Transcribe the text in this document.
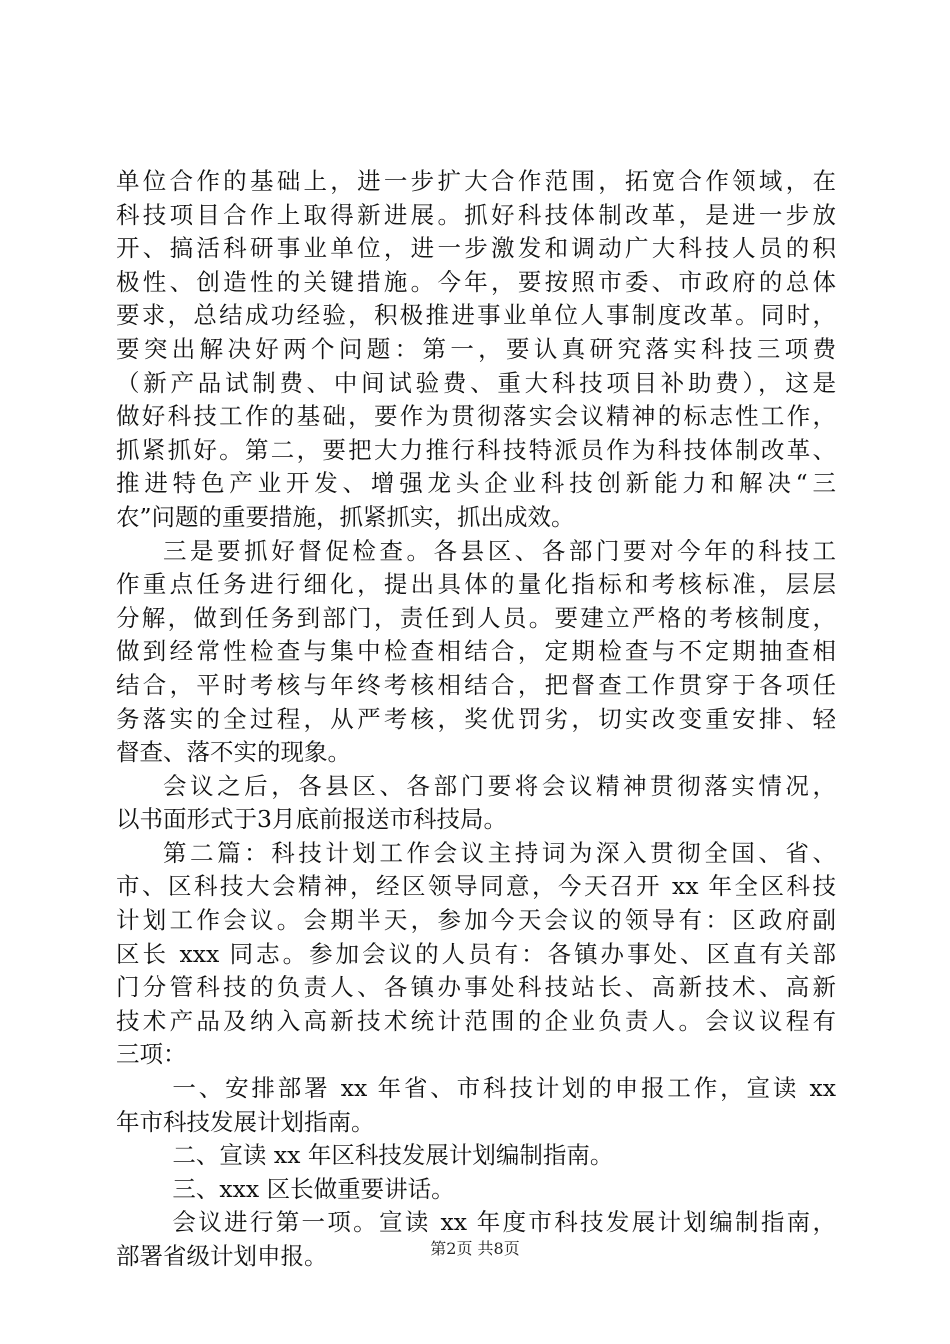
单位合作的基础上，进一步扩大合作范围，拓宽合作领域，在
科技项目合作上取得新进展。抓好科技体制改革，是进一步放
开、搞活科研事业单位，进一步激发和调动广大科技人员的积
极性、创造性的关键措施。今年，要按照市委、市政府的总体
要求，总结成功经验，积极推进事业单位人事制度改革。同时，
要突出解决好两个问题：第一，要认真研究落实科技三项费
（新产品试制费、中间试验费、重大科技项目补助费），这是
做好科技工作的基础，要作为贯彻落实会议精神的标志性工作，
抓紧抓好。第二，要把大力推行科技特派员作为科技体制改革、
推进特色产业开发、增强龙头企业科技创新能力和解决“三
农”问题的重要措施，抓紧抓实，抓出成效。
三是要抓好督促检查。各县区、各部门要对今年的科技工
作重点任务进行细化，提出具体的量化指标和考核标准，层层
分解，做到任务到部门，责任到人员。要建立严格的考核制度，
做到经常性检查与集中检查相结合，定期检查与不定期抽查相
结合，平时考核与年终考核相结合，把督查工作贯穿于各项任
务落实的全过程，从严考核，奖优罚劣，切实改变重安排、轻
督查、落不实的现象。
会议之后，各县区、各部门要将会议精神贯彻落实情况，
以书面形式于3月底前报送市科技局。
第二篇：科技计划工作会议主持词为深入贯彻全国、省、
市、区科技大会精神，经区领导同意，今天召开 xx 年全区科技
计划工作会议。会期半天，参加今天会议的领导有：区政府副
区长 xxx 同志。参加会议的人员有：各镇办事处、区直有关部
门分管科技的负责人、各镇办事处科技站长、高新技术、高新
技术产品及纳入高新技术统计范围的企业负责人。会议议程有
三项：
一、安排部署 xx 年省、市科技计划的申报工作，宣读 xx
年市科技发展计划指南。
二、宣读 xx 年区科技发展计划编制指南。
三、xxx 区长做重要讲话。
会议进行第一项。宣读 xx 年度市科技发展计划编制指南，
部署省级计划申报。	第2页 共8页
